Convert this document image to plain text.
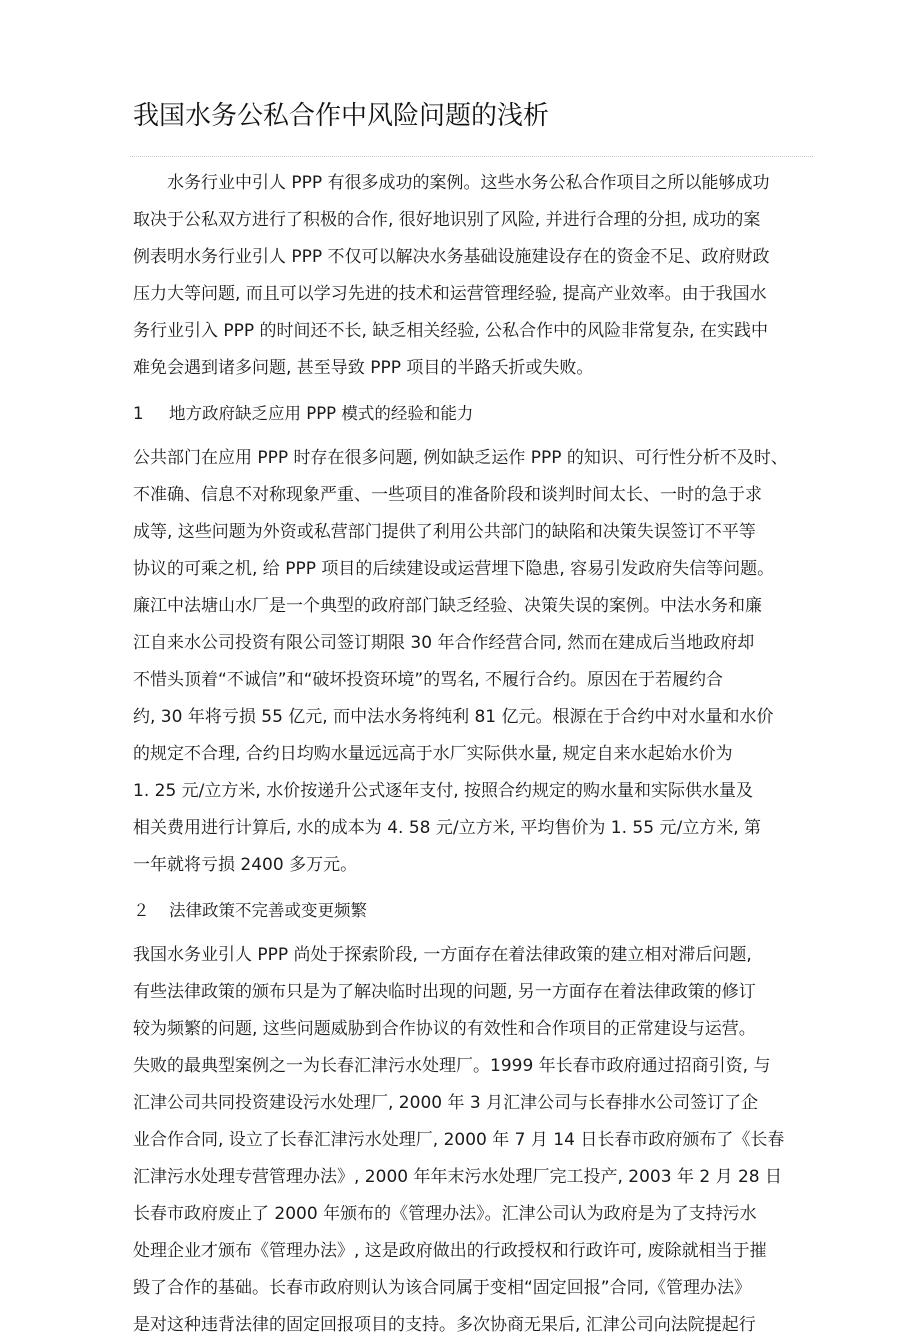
我国水务公私合作中风险问题的浅析
水务行业中引人 PPP 有很多成功的案例。这些水务公私合作项目之所以能够成功
取决于公私双方进行了积极的合作, 很好地识别了风险, 并进行合理的分担, 成功的案
例表明水务行业引人 PPP 不仅可以解决水务基础设施建设存在的资金不足、政府财政
压力大等问题, 而且可以学习先进的技术和运营管理经验, 提高产业效率。由于我国水
务行业引入 PPP 的时间还不长, 缺乏相关经验, 公私合作中的风险非常复杂, 在实践中
难免会遇到诸多问题, 甚至导致 PPP 项目的半路夭折或失败。
1 地方政府缺乏应用 PPP 模式的经验和能力
公共部门在应用 PPP 时存在很多问题, 例如缺乏运作 PPP 的知识、可行性分析不及时、
不准确、信息不对称现象严重、一些项目的准备阶段和谈判时间太长、一时的急于求
成等, 这些问题为外资或私营部门提供了利用公共部门的缺陷和决策失误签订不平等
协议的可乘之机, 给 PPP 项目的后续建设或运营埋下隐患, 容易引发政府失信等问题。
廉江中法塘山水厂是一个典型的政府部门缺乏经验、决策失误的案例。中法水务和廉
江自来水公司投资有限公司签订期限 30 年合作经营合同, 然而在建成后当地政府却
不惜头顶着“不诚信”和“破坏投资环境”的骂名, 不履行合约。原因在于若履约合
约, 30 年将亏损 55 亿元, 而中法水务将纯利 81 亿元。根源在于合约中对水量和水价
的规定不合理, 合约日均购水量远远高于水厂实际供水量, 规定自来水起始水价为
1. 25 元/立方米, 水价按递升公式逐年支付, 按照合约规定的购水量和实际供水量及
相关费用进行计算后, 水的成本为 4. 58 元/立方米, 平均售价为 1. 55 元/立方米, 第
一年就将亏损 2400 多万元。
２ 法律政策不完善或变更频繁
我国水务业引人 PPP 尚处于探索阶段, 一方面存在着法律政策的建立相对滞后问题,
有些法律政策的颁布只是为了解决临时出现的问题, 另一方面存在着法律政策的修订
较为频繁的问题, 这些问题威胁到合作协议的有效性和合作项目的正常建设与运营。
失败的最典型案例之一为长春汇津污水处理厂。1999 年长春市政府通过招商引资, 与
汇津公司共同投资建设污水处理厂, 2000 年 3 月汇津公司与长春排水公司签订了企
业合作合同, 设立了长春汇津污水处理厂, 2000 年 7 月 14 日长春市政府颁布了《长春
汇津污水处理专营管理办法》, 2000 年年末污水处理厂完工投产, 2003 年 2 月 28 日
长春市政府废止了 2000 年颁布的《管理办法》。汇津公司认为政府是为了支持污水
处理企业才颁布《管理办法》, 这是政府做出的行政授权和行政许可, 废除就相当于摧
毁了合作的基础。长春市政府则认为该合同属于变相“固定回报”合同,《管理办法》
是对这种违背法律的固定回报项目的支持。多次协商无果后, 汇津公司向法院提起行
